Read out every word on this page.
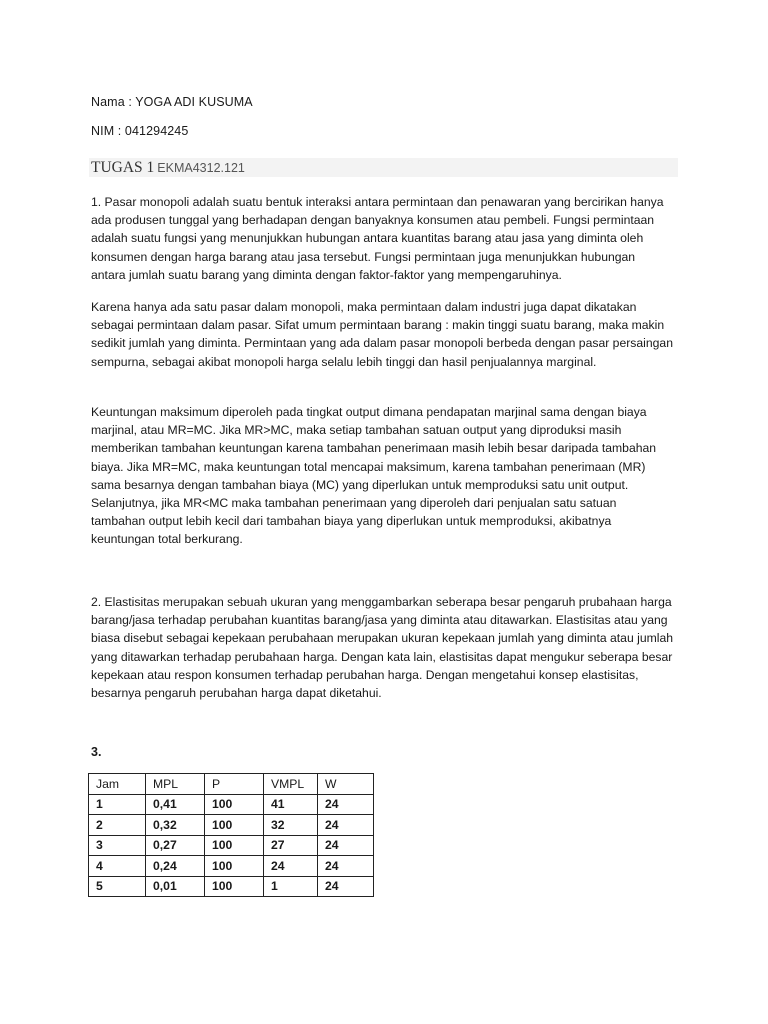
Nama : YOGA ADI KUSUMA
NIM : 041294245
TUGAS 1 EKMA4312.121

1. Pasar monopoli adalah suatu bentuk interaksi antara permintaan dan penawaran yang bercirikan hanya ada produsen tunggal yang berhadapan dengan banyaknya konsumen atau pembeli. Fungsi permintaan adalah suatu fungsi yang menunjukkan hubungan antara kuantitas barang atau jasa yang diminta oleh konsumen dengan harga barang atau jasa tersebut. Fungsi permintaan juga menunjukkan hubungan antara jumlah suatu barang yang diminta dengan faktor-faktor yang mempengaruhinya.

Karena hanya ada satu pasar dalam monopoli, maka permintaan dalam industri juga dapat dikatakan sebagai permintaan dalam pasar. Sifat umum permintaan barang : makin tinggi suatu barang, maka makin sedikit jumlah yang diminta. Permintaan yang ada dalam pasar monopoli berbeda dengan pasar persaingan sempurna, sebagai akibat monopoli harga selalu lebih tinggi dan hasil penjualannya marginal.

Keuntungan maksimum diperoleh pada tingkat output dimana pendapatan marjinal sama dengan biaya marjinal, atau MR=MC. Jika MR>MC, maka setiap tambahan satuan output yang diproduksi masih memberikan tambahan keuntungan karena tambahan penerimaan masih lebih besar daripada tambahan biaya. Jika MR=MC, maka keuntungan total mencapai maksimum, karena tambahan penerimaan (MR) sama besarnya dengan tambahan biaya (MC) yang diperlukan untuk memproduksi satu unit output. Selanjutnya, jika MR<MC maka tambahan penerimaan yang diperoleh dari penjualan satu satuan tambahan output lebih kecil dari tambahan biaya yang diperlukan untuk memproduksi, akibatnya keuntungan total berkurang.

2. Elastisitas merupakan sebuah ukuran yang menggambarkan seberapa besar pengaruh prubahaan harga barang/jasa terhadap perubahan kuantitas barang/jasa yang diminta atau ditawarkan. Elastisitas atau yang biasa disebut sebagai kepekaan perubahaan merupakan ukuran kepekaan jumlah yang diminta atau jumlah yang ditawarkan terhadap perubahaan harga. Dengan kata lain, elastisitas dapat mengukur seberapa besar kepekaan atau respon konsumen terhadap perubahan harga. Dengan mengetahui konsep elastisitas, besarnya pengaruh perubahan harga dapat diketahui.

3.
Jam	MPL	P	VMPL	W
1	0,41	100	41	24
2	0,32	100	32	24
3	0,27	100	27	24
4	0,24	100	24	24
5	0,01	100	1	24
